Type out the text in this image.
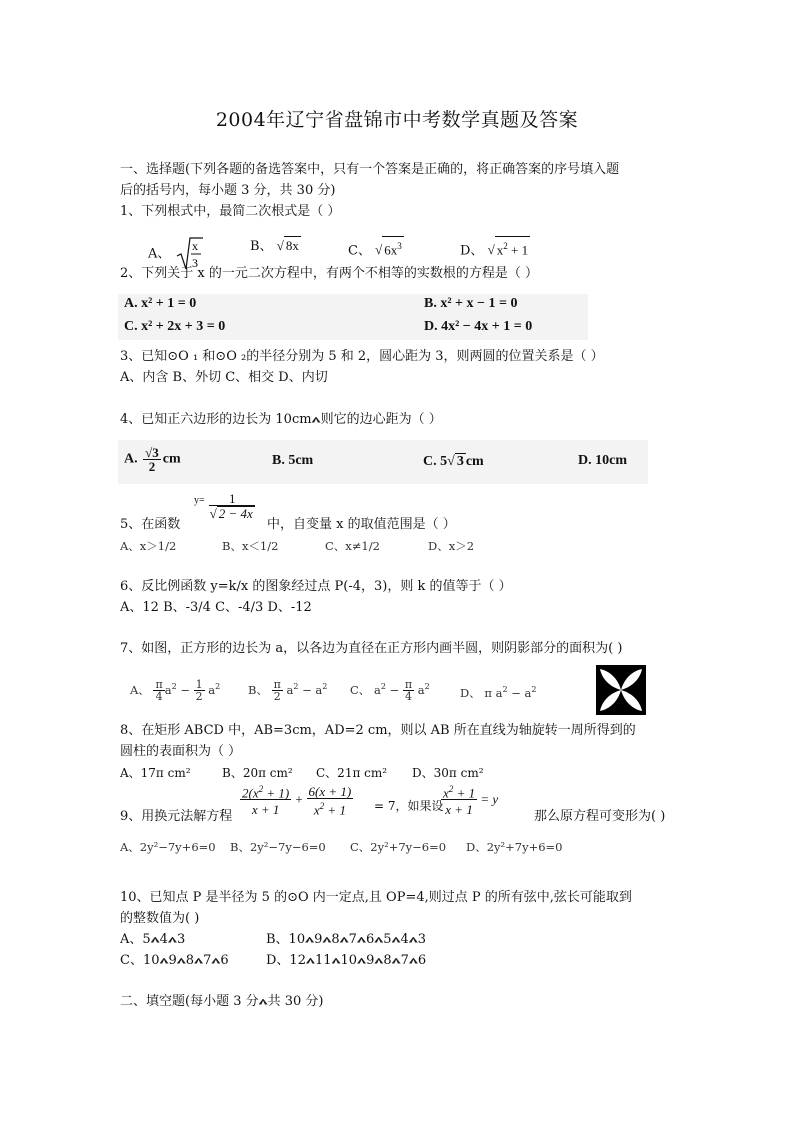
2004年辽宁省盘锦市中考数学真题及答案
一、选择题(下列各题的备选答案中，只有一个答案是正确的，将正确答案的序号填入题
后的括号内，每小题 3 分，共 30 分)
1、下列根式中，最简二次根式是（ ）
A、
x
3
B、 √ 8x	C、 √ $6x^3$	D、 √ $x^2 + 1$
2、下列关于 x 的一元二次方程中，有两个不相等的实数根的方程是（ ）
A. x² + 1 = 0	B. x² + x − 1 = 0
C. x² + 2x + 3 = 0	D. 4x² − 4x + 1 = 0
3、已知⊙O ₁ 和⊙O ₂的半径分别为 5 和 2，圆心距为 3，则两圆的位置关系是（ ）
A、内含 B、外切 C、相交 D、内切
4、已知正六边形的边长为 10cm 则它的边心距为（ ）
A. $\frac{√3}{2}$ cm	B. 5cm	C. 5√ 3 cm	D. 10cm
5、在函数
$^{y=} \frac{1}{√ 2 - 4x}$
中，自变量 x 的取值范围是（ ）
A、x＞1/2	B、x＜1/2	C、x≠1/2	D、x＞2
6、反比例函数 y=k/x 的图象经过点 P(-4，3)，则 k 的值等于（ ）
A、12 B、-3/4 C、-4/3 D、-12
7、如图，正方形的边长为 a，以各边为直径在正方形内画半圆，则阴影部分的面积为( )
A、 $\frac{\pi}{4} a^2 - \frac{1}{2} a^2$ B、 $\frac{\pi}{2} a^2 - a^2$ C、 $a^2 - \frac{\pi}{4} a^2$	D、 π $a^2 - a^2$
8、在矩形 ABCD 中，AB=3cm，AD=2 cm，则以 AB 所在直线为轴旋转一周所得到的
圆柱的表面积为（ ）
A、17π cm²	B、20π cm² C、21π cm² D、30π cm²
9、用换元法解方程
$\frac{2(x^2 + 1)}{x + 1} + \frac{6(x + 1)}{x^2 + 1} = 7$，如果设
$\frac{x^2 + 1}{x + 1} = y$
那么原方程可变形为( )
A、2y²−7y+6=0 B、2y²−7y−6=0 C、2y²+7y−6=0 D、2y²+7y+6=0
10、已知点 P 是半径为 5 的⊙O 内一定点,且 OP=4,则过点 P 的所有弦中,弦长可能取到
的整数值为( )
A、5 4 3	B、10 9 8 7 6 5 4 3
C、10 9 8 7 6	D、12 11 10 9 8 7 6
二、填空题(每小题 3 分 共 30 分)
